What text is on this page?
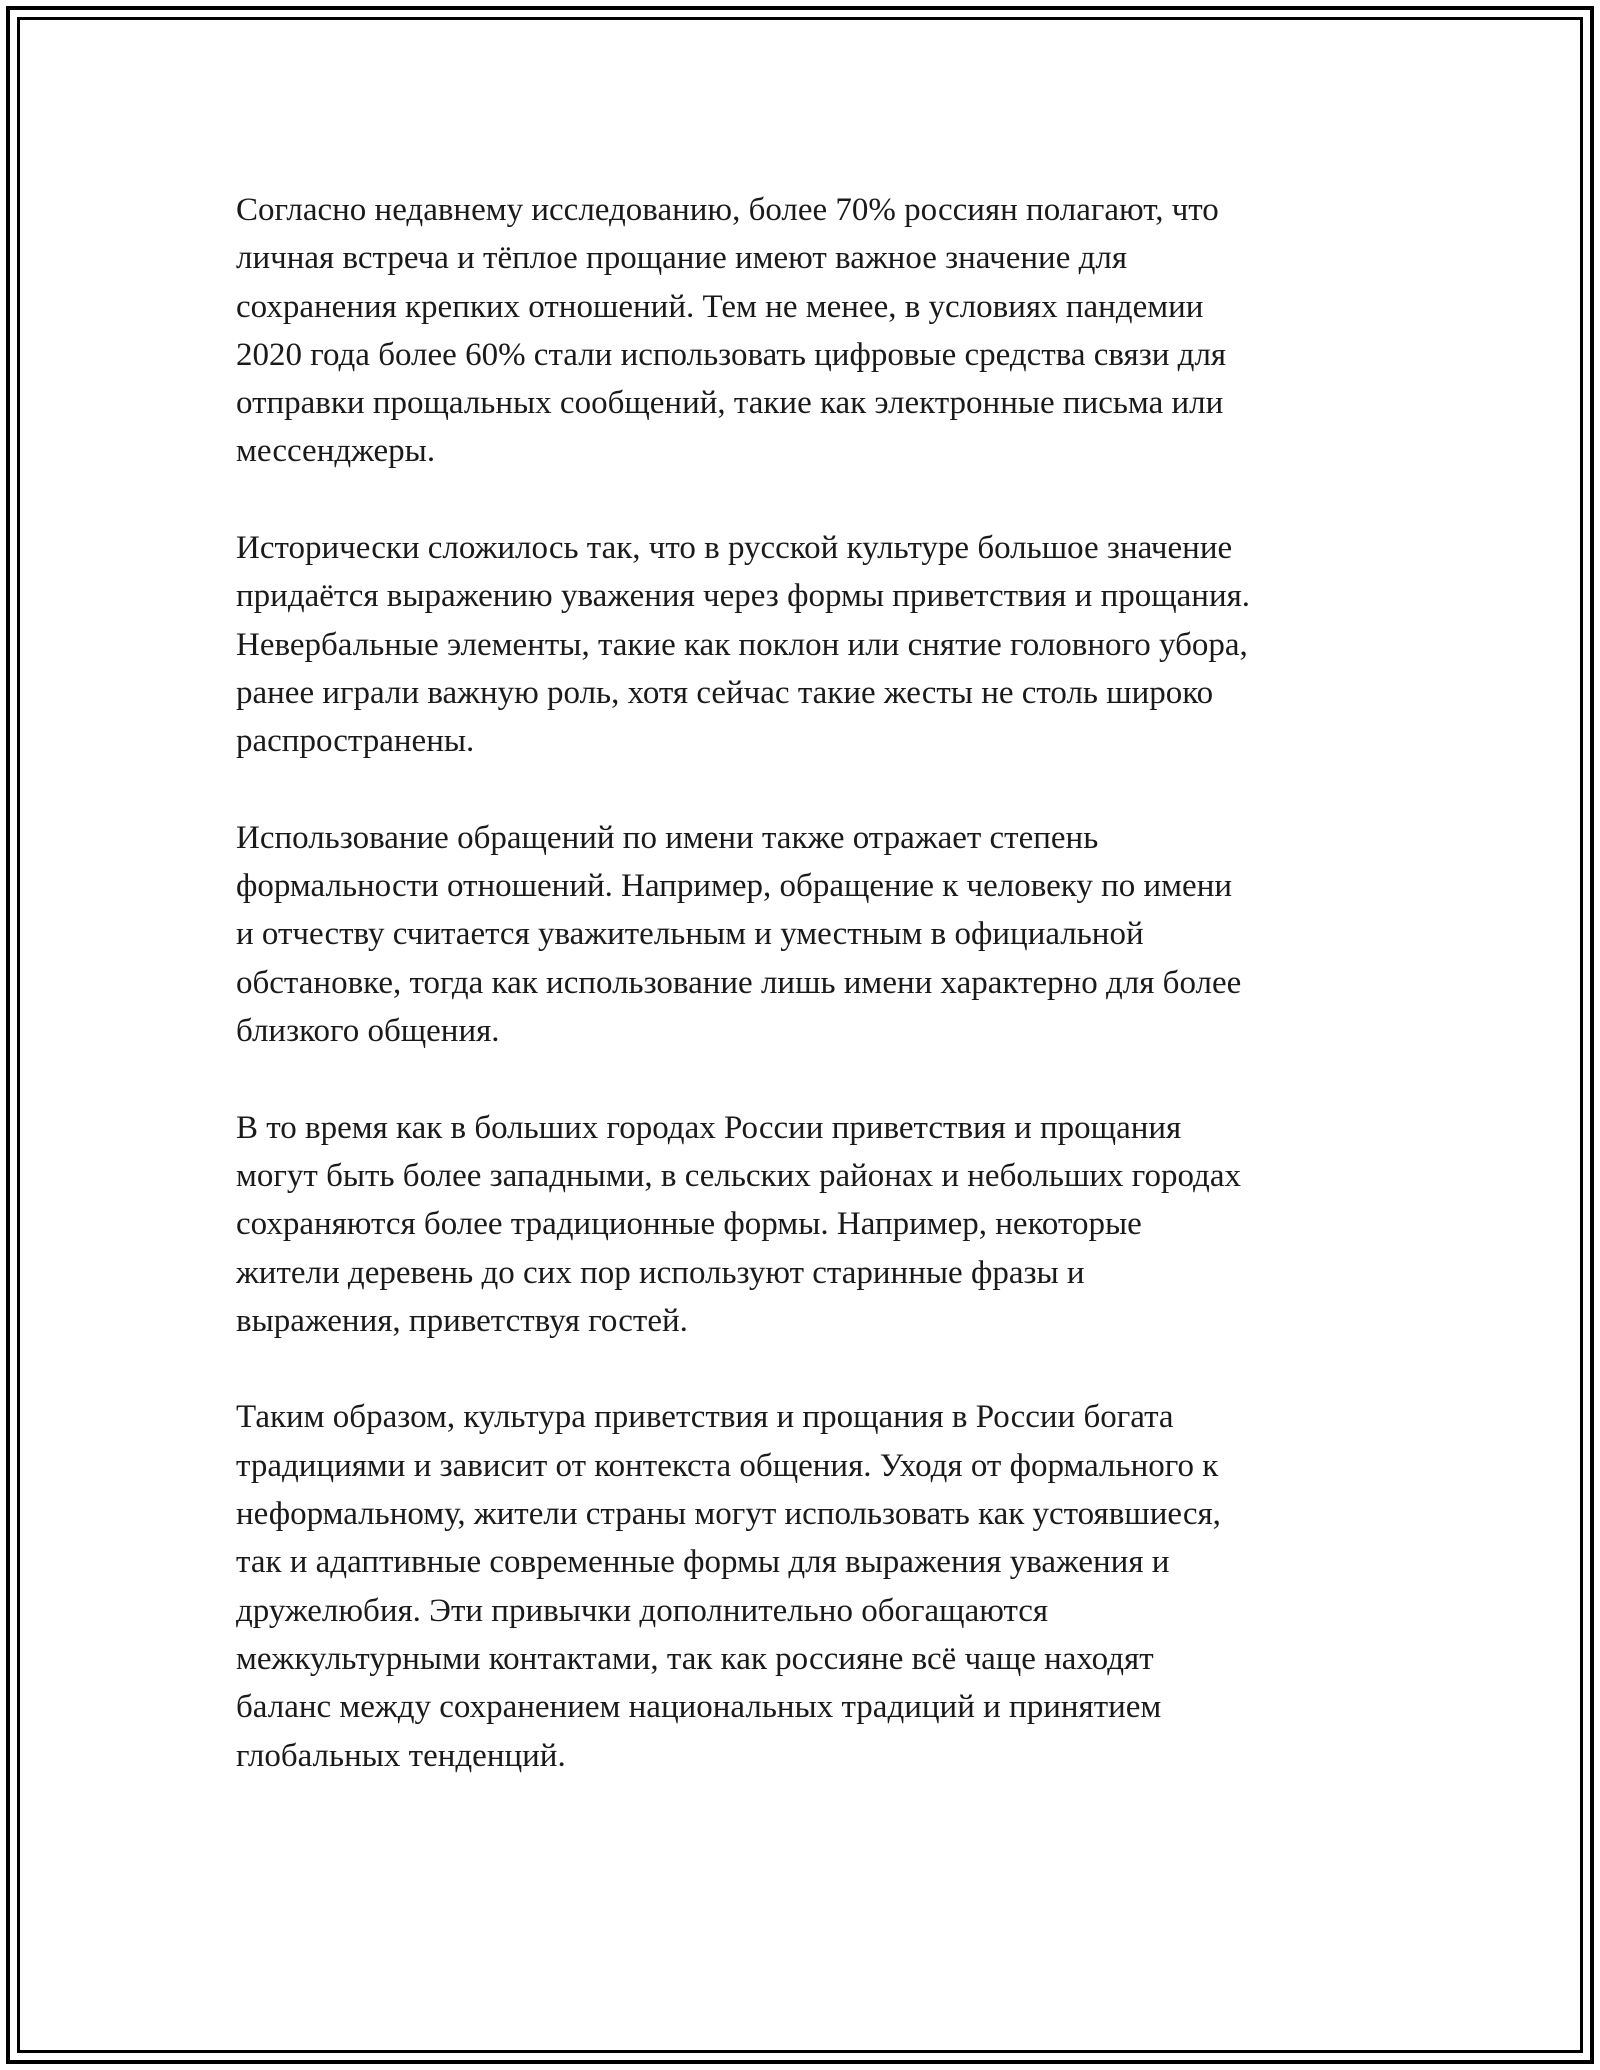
Согласно недавнему исследованию, более 70% россиян полагают, что
личная встреча и тёплое прощание имеют важное значение для
сохранения крепких отношений. Тем не менее, в условиях пандемии
2020 года более 60% стали использовать цифровые средства связи для
отправки прощальных сообщений, такие как электронные письма или
мессенджеры.

Исторически сложилось так, что в русской культуре большое значение
придаётся выражению уважения через формы приветствия и прощания.
Невербальные элементы, такие как поклон или снятие головного убора,
ранее играли важную роль, хотя сейчас такие жесты не столь широко
распространены.

Использование обращений по имени также отражает степень
формальности отношений. Например, обращение к человеку по имени
и отчеству считается уважительным и уместным в официальной
обстановке, тогда как использование лишь имени характерно для более
близкого общения.

В то время как в больших городах России приветствия и прощания
могут быть более западными, в сельских районах и небольших городах
сохраняются более традиционные формы. Например, некоторые
жители деревень до сих пор используют старинные фразы и
выражения, приветствуя гостей.

Таким образом, культура приветствия и прощания в России богата
традициями и зависит от контекста общения. Уходя от формального к
неформальному, жители страны могут использовать как устоявшиеся,
так и адаптивные современные формы для выражения уважения и
дружелюбия. Эти привычки дополнительно обогащаются
межкультурными контактами, так как россияне всё чаще находят
баланс между сохранением национальных традиций и принятием
глобальных тенденций.
